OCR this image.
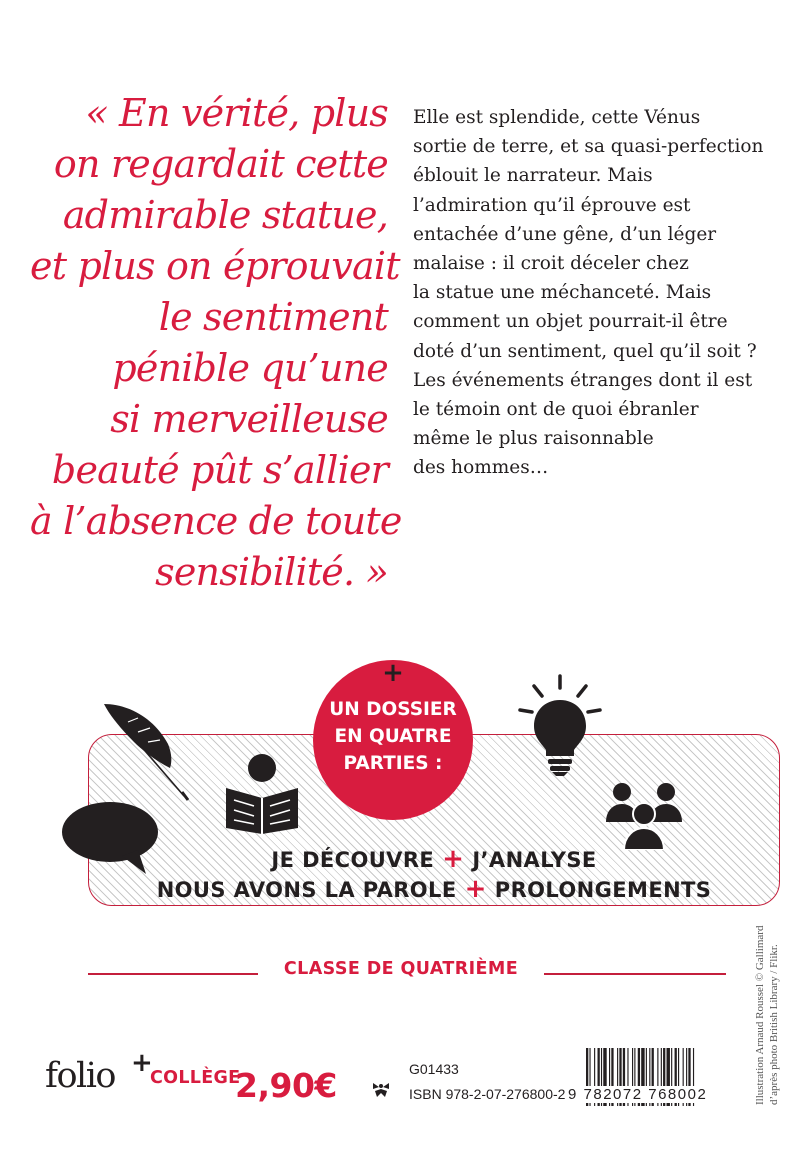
« En vérité, plus
on regardait cette
admirable statue,
et plus on éprouvait
le sentiment
pénible qu’une
si merveilleuse
beauté pût s’allier
à l’absence de toute
sensibilité. »
Elle est splendide, cette Vénus
sortie de terre, et sa quasi-perfection
éblouit le narrateur. Mais
l’admiration qu’il éprouve est
entachée d’une gêne, d’un léger
malaise : il croit déceler chez
la statue une méchanceté. Mais
comment un objet pourrait-il être
doté d’un sentiment, quel qu’il soit ?
Les événements étranges dont il est
le témoin ont de quoi ébranler
même le plus raisonnable
des hommes…
+
UN DOSSIER
EN QUATRE
PARTIES :
JE DÉCOUVRE + J’ANALYSE
NOUS AVONS LA PAROLE + PROLONGEMENTS
CLASSE DE QUATRIÈME
folio +
COLLÈGE
2,90€	G01433
ISBN 978-2-07-276800-2 9 782072 768002	Illustration Arnaud Roussel © Gallimard d’après photo British Library / Flikr.
